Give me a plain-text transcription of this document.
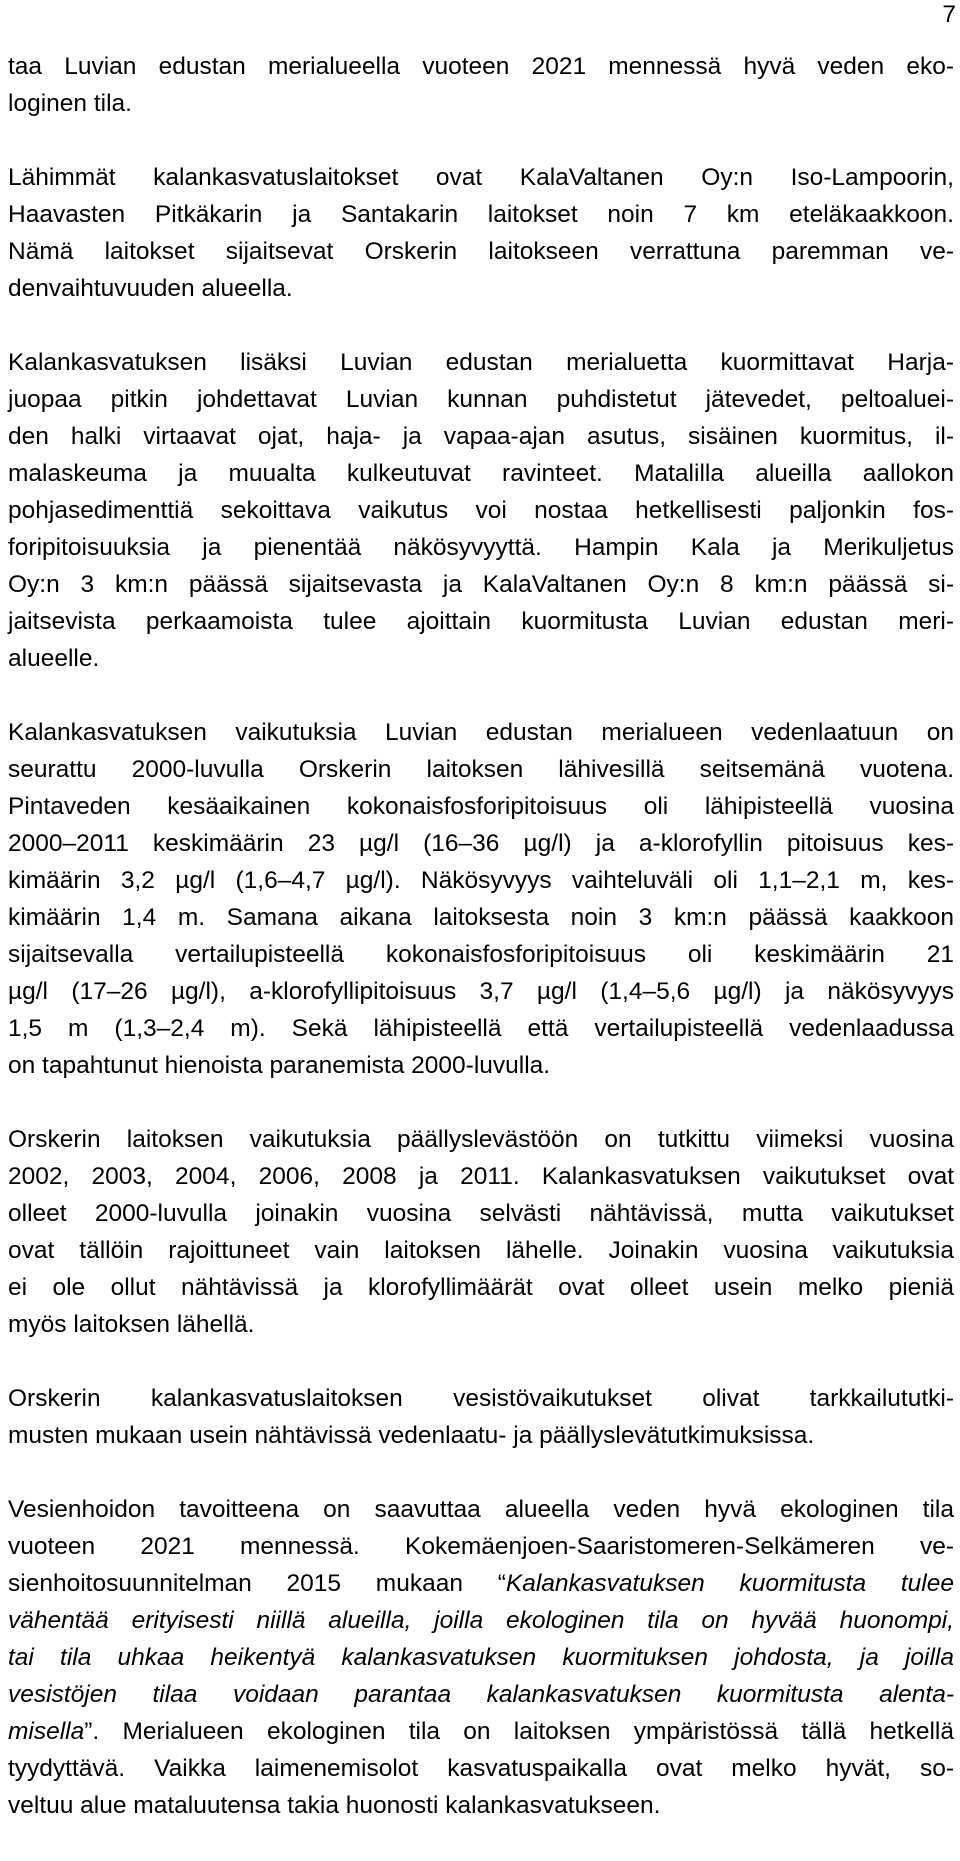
7
taa Luvian edustan merialueella vuoteen 2021 mennessä hyvä veden eko-
loginen tila.
Lähimmät kalankasvatuslaitokset ovat KalaValtanen Oy:n Iso-Lampoorin,
Haavasten Pitkäkarin ja Santakarin laitokset noin 7 km eteläkaakkoon.
Nämä laitokset sijaitsevat Orskerin laitokseen verrattuna paremman ve-
denvaihtuvuuden alueella.
Kalankasvatuksen lisäksi Luvian edustan merialuetta kuormittavat Harja-
juopaa pitkin johdettavat Luvian kunnan puhdistetut jätevedet, peltoaluei-
den halki virtaavat ojat, haja- ja vapaa-ajan asutus, sisäinen kuormitus, il-
malaskeuma ja muualta kulkeutuvat ravinteet. Matalilla alueilla aallokon
pohjasedimenttiä sekoittava vaikutus voi nostaa hetkellisesti paljonkin fos-
foripitoisuuksia ja pienentää näkösyvyyttä. Hampin Kala ja Merikuljetus
Oy:n 3 km:n päässä sijaitsevasta ja KalaValtanen Oy:n 8 km:n päässä si-
jaitsevista perkaamoista tulee ajoittain kuormitusta Luvian edustan meri-
alueelle.
Kalankasvatuksen vaikutuksia Luvian edustan merialueen vedenlaatuun on
seurattu 2000-luvulla Orskerin laitoksen lähivesillä seitsemänä vuotena.
Pintaveden kesäaikainen kokonaisfosforipitoisuus oli lähipisteellä vuosina
2000–2011 keskimäärin 23 µg/l (16–36 µg/l) ja a-klorofyllin pitoisuus kes-
kimäärin 3,2 µg/l (1,6–4,7 µg/l). Näkösyvyys vaihteluväli oli 1,1–2,1 m, kes-
kimäärin 1,4 m. Samana aikana laitoksesta noin 3 km:n päässä kaakkoon
sijaitsevalla vertailupisteellä kokonaisfosforipitoisuus oli keskimäärin 21
µg/l (17–26 µg/l), a-klorofyllipitoisuus 3,7 µg/l (1,4–5,6 µg/l) ja näkösyvyys
1,5 m (1,3–2,4 m). Sekä lähipisteellä että vertailupisteellä vedenlaadussa
on tapahtunut hienoista paranemista 2000-luvulla.
Orskerin laitoksen vaikutuksia päällyslevästöön on tutkittu viimeksi vuosina
2002, 2003, 2004, 2006, 2008 ja 2011. Kalankasvatuksen vaikutukset ovat
olleet 2000-luvulla joinakin vuosina selvästi nähtävissä, mutta vaikutukset
ovat tällöin rajoittuneet vain laitoksen lähelle. Joinakin vuosina vaikutuksia
ei ole ollut nähtävissä ja klorofyllimäärät ovat olleet usein melko pieniä
myös laitoksen lähellä.
Orskerin kalankasvatuslaitoksen vesistövaikutukset olivat tarkkailututki-
musten mukaan usein nähtävissä vedenlaatu- ja päällyslevätutkimuksissa.
Vesienhoidon tavoitteena on saavuttaa alueella veden hyvä ekologinen tila
vuoteen 2021 mennessä. Kokemäenjoen-Saaristomeren-Selkämeren ve-
sienhoitosuunnitelman 2015 mukaan “Kalankasvatuksen kuormitusta tulee
vähentää erityisesti niillä alueilla, joilla ekologinen tila on hyvää huonompi,
tai tila uhkaa heikentyä kalankasvatuksen kuormituksen johdosta, ja joilla
vesistöjen tilaa voidaan parantaa kalankasvatuksen kuormitusta alenta-
misella”. Merialueen ekologinen tila on laitoksen ympäristössä tällä hetkellä
tyydyttävä. Vaikka laimenemisolot kasvatuspaikalla ovat melko hyvät, so-
veltuu alue mataluutensa takia huonosti kalankasvatukseen.
